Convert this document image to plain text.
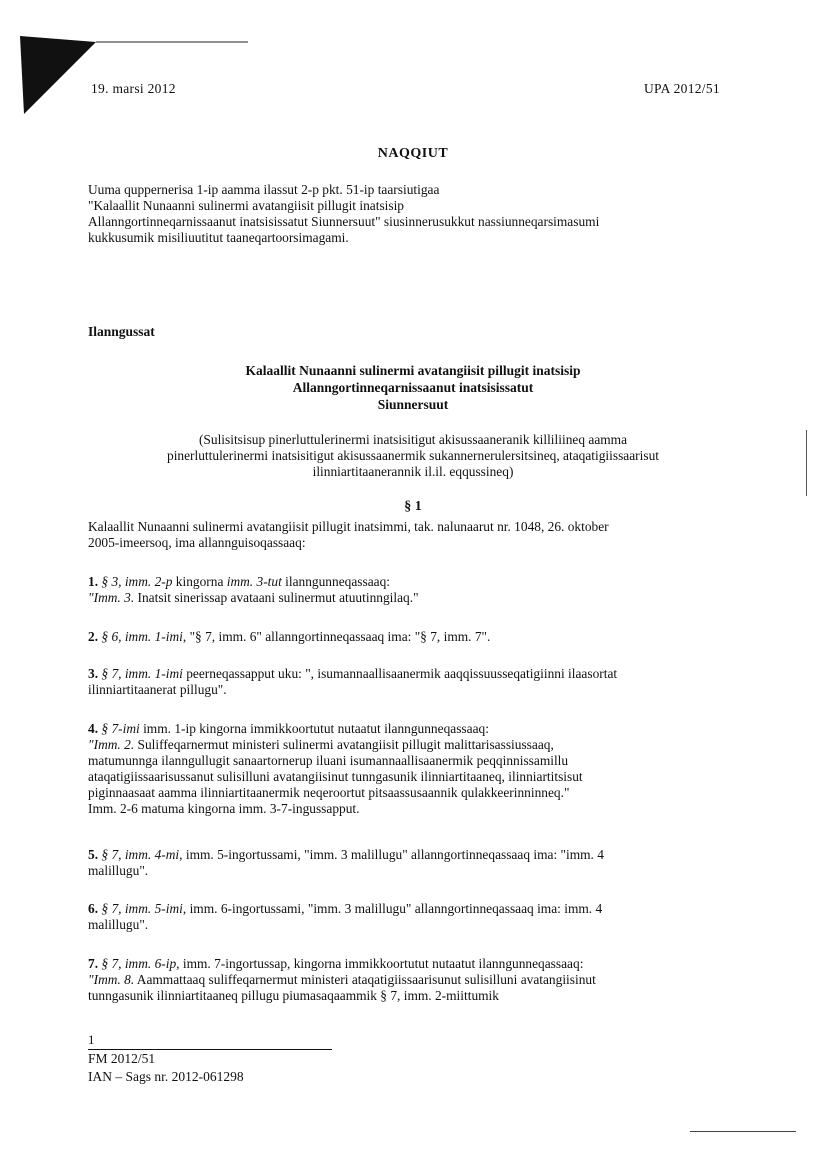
19. marsi 2012	UPA 2012/51
NAQQIUT

Uuma quppernerisa 1-ip aamma ilassut 2-p pkt. 51-ip taarsiutigaa
"Kalaallit Nunaanni sulinermi avatangiisit pillugit inatsisip
Allanngortinneqarnissaanut inatsisissatut Siunnersuut" siusinnerusukkut nassiunneqarsimasumi
kukkusumik misiliuutitut taaneqartoorsimagami.

Ilanngussat
Kalaallit Nunaanni sulinermi avatangiisit pillugit inatsisip
Allanngortinneqarnissaanut inatsisissatut
Siunnersuut
(Sulisitsisup pinerluttulerinermi inatsisitigut akisussaaneranik killiliineq aamma
pinerluttulerinermi inatsisitigut akisussaanermik sukannernerulersitsineq, ataqatigiissaarisut
ilinniartitaanerannik il.il. eqqussineq)
§ 1

Kalaallit Nunaanni sulinermi avatangiisit pillugit inatsimmi, tak. nalunaarut nr. 1048, 26. oktober
2005-imeersoq, ima allannguisoqassaaq:

1. § 3, imm. 2-p kingorna imm. 3-tut ilanngunneqassaaq:
"Imm. 3. Inatsit sinerissap avataani sulinermut atuutinngilaq."

2. § 6, imm. 1-imi, "§ 7, imm. 6" allanngortinneqassaaq ima: "§ 7, imm. 7".

3. § 7, imm. 1-imi peerneqassapput uku: ", isumannaallisaanermik aaqqissuusseqatigiinni ilaasortat
ilinniartitaanerat pillugu".

4. § 7-imi imm. 1-ip kingorna immikkoortutut nutaatut ilanngunneqassaaq:
"Imm. 2. Suliffeqarnermut ministeri sulinermi avatangiisit pillugit malittarisassiussaaq,
matumunnga ilanngullugit sanaartornerup iluani isumannaallisaanermik peqqinnissamillu
ataqatigiissaarisussanut sulisilluni avatangiisinut tunngasunik ilinniartitaaneq, ilinniartitsisut
piginnaasaat aamma ilinniartitaanermik neqeroortut pitsaassusaannik qulakkeerinninneq."
Imm. 2-6 matuma kingorna imm. 3-7-ingussapput.

5. § 7, imm. 4-mi, imm. 5-ingortussami, "imm. 3 malillugu" allanngortinneqassaaq ima: "imm. 4
malillugu".

6. § 7, imm. 5-imi, imm. 6-ingortussami, "imm. 3 malillugu" allanngortinneqassaaq ima: imm. 4
malillugu".

7. § 7, imm. 6-ip, imm. 7-ingortussap, kingorna immikkoortutut nutaatut ilanngunneqassaaq:
"Imm. 8. Aammattaaq suliffeqarnermut ministeri ataqatigiissaarisunut sulisilluni avatangiisinut
tunngasunik ilinniartitaaneq pillugu piumasaqaammik § 7, imm. 2-miittumik

1
FM 2012/51
IAN – Sags nr. 2012-061298
